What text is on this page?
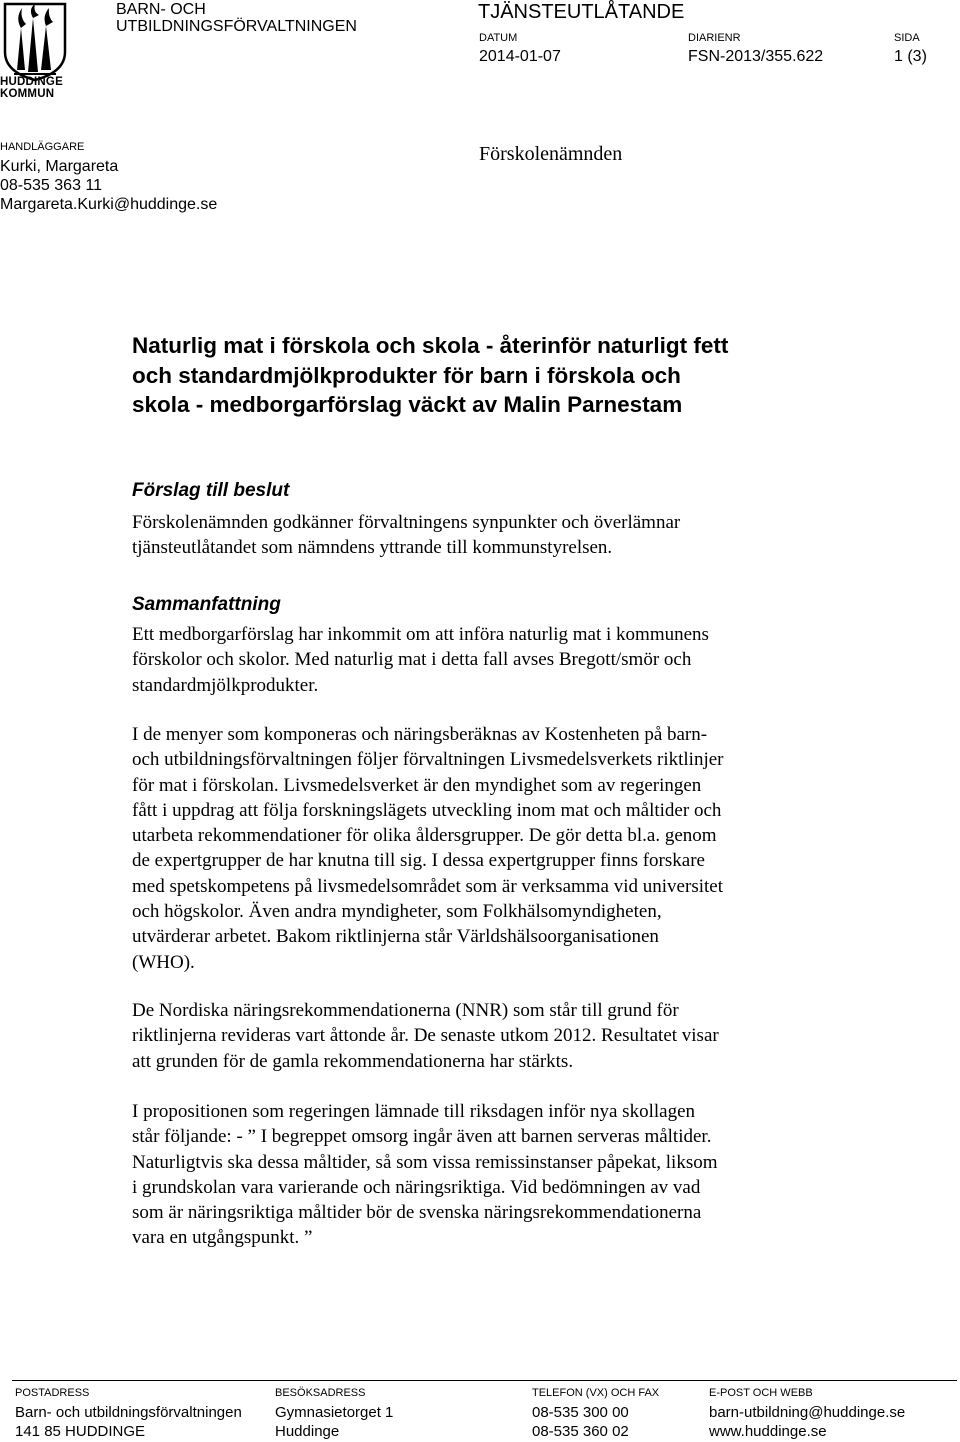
HUDDINGE
KOMMUN
BARN- OCH
UTBILDNINGSFÖRVALTNINGEN
TJÄNSTEUTLÅTANDE
DATUM
2014-01-07
DIARIENR
FSN-2013/355.622
SIDA
1 (3)
HANDLÄGGARE
Kurki, Margareta
08-535 363 11
Margareta.Kurki@huddinge.se
Förskolenämnden
Naturlig mat i förskola och skola - återinför naturligt fett
och standardmjölkprodukter för barn i förskola och
skola - medborgarförslag väckt av Malin Parnestam
Förslag till beslut
Förskolenämnden godkänner förvaltningens synpunkter och överlämnar
tjänsteutlåtandet som nämndens yttrande till kommunstyrelsen.
Sammanfattning
Ett medborgarförslag har inkommit om att införa naturlig mat i kommunens
förskolor och skolor. Med naturlig mat i detta fall avses Bregott/smör och
standardmjölkprodukter.
I de menyer som komponeras och näringsberäknas av Kostenheten på barn-
och utbildningsförvaltningen följer förvaltningen Livsmedelsverkets riktlinjer
för mat i förskolan. Livsmedelsverket är den myndighet som av regeringen
fått i uppdrag att följa forskningslägets utveckling inom mat och måltider och
utarbeta rekommendationer för olika åldersgrupper. De gör detta bl.a. genom
de expertgrupper de har knutna till sig. I dessa expertgrupper finns forskare
med spetskompetens på livsmedelsområdet som är verksamma vid universitet
och högskolor. Även andra myndigheter, som Folkhälsomyndigheten,
utvärderar arbetet. Bakom riktlinjerna står Världshälsoorganisationen
(WHO).
De Nordiska näringsrekommendationerna (NNR) som står till grund för
riktlinjerna revideras vart åttonde år. De senaste utkom 2012. Resultatet visar
att grunden för de gamla rekommendationerna har stärkts.
I propositionen som regeringen lämnade till riksdagen inför nya skollagen
står följande: - ” I begreppet omsorg ingår även att barnen serveras måltider.
Naturligtvis ska dessa måltider, så som vissa remissinstanser påpekat, liksom
i grundskolan vara varierande och näringsriktiga. Vid bedömningen av vad
som är näringsriktiga måltider bör de svenska näringsrekommendationerna
vara en utgångspunkt. ”
POSTADRESS
Barn- och utbildningsförvaltningen
141 85 HUDDINGE
BESÖKSADRESS
Gymnasietorget 1
Huddinge
TELEFON (VX) OCH FAX
08-535 300 00
08-535 360 02
E-POST OCH WEBB
barn-utbildning@huddinge.se
www.huddinge.se
